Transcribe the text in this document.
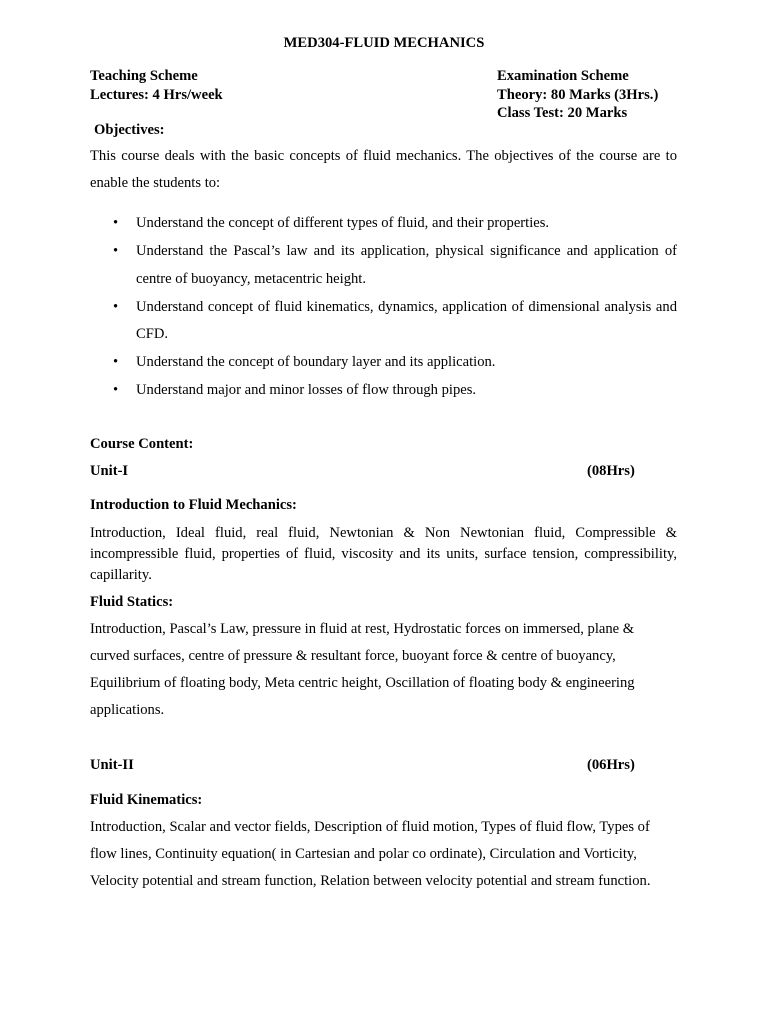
MED304-FLUID MECHANICS
Teaching Scheme
Lectures: 4 Hrs/week
Examination Scheme
Theory: 80 Marks (3Hrs.)
Class Test: 20 Marks
Objectives:
This course deals with the basic concepts of fluid mechanics. The objectives of the course are to enable the students to:
• Understand the concept of different types of fluid, and their properties.
• Understand the Pascal’s law and its application, physical significance and application of centre of buoyancy, metacentric height.
• Understand concept of fluid kinematics, dynamics, application of dimensional analysis and CFD.
• Understand the concept of boundary layer and its application.
• Understand major and minor losses of flow through pipes.
Course Content:
Unit-I	(08Hrs)
Introduction to Fluid Mechanics:
Introduction, Ideal fluid, real fluid, Newtonian & Non Newtonian fluid, Compressible & incompressible fluid, properties of fluid, viscosity and its units, surface tension, compressibility, capillarity.
Fluid Statics:
Introduction, Pascal’s Law, pressure in fluid at rest, Hydrostatic forces on immersed, plane & curved surfaces, centre of pressure & resultant force, buoyant force & centre of buoyancy, Equilibrium of floating body, Meta centric height, Oscillation of floating body & engineering applications.
Unit-II	(06Hrs)
Fluid Kinematics:
Introduction, Scalar and vector fields, Description of fluid motion, Types of fluid flow, Types of flow lines, Continuity equation( in Cartesian and polar co ordinate), Circulation and Vorticity, Velocity potential and stream function, Relation between velocity potential and stream function.
